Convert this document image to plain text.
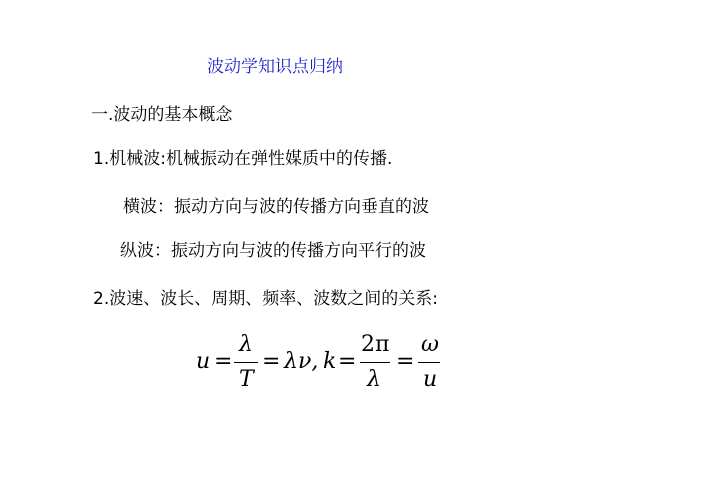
波动学知识点归纳
一.波动的基本概念
1.机械波:机械振动在弹性媒质中的传播.
横波：振动方向与波的传播方向垂直的波
纵波：振动方向与波的传播方向平行的波
2.波速、波长、周期、频率、波数之间的关系:
u =
λ
T
= λν, k =
2π
λ
=
ω
u
